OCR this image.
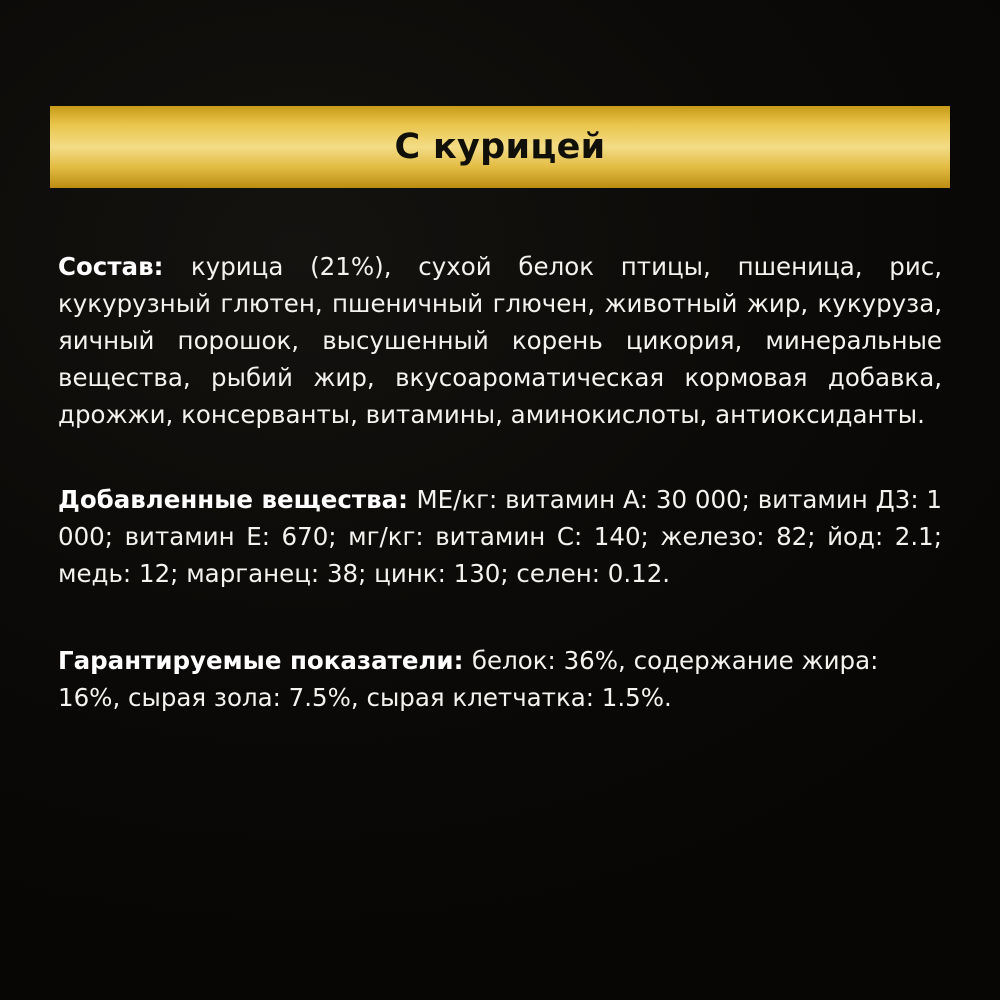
С курицей

Состав: курица (21%), сухой белок птицы, пшеница, рис, кукурузный глютен, пшеничный глючен, животный жир, кукуруза, яичный порошок, высушенный корень цикория, минеральные вещества, рыбий жир, вкусоароматическая кормовая добавка, дрожжи, консерванты, витамины, аминокислоты, антиоксиданты.

Добавленные вещества: МЕ/кг: витамин А: 30 000; витамин Д3: 1 000; витамин Е: 670; мг/кг: витамин С: 140; железо: 82; йод: 2.1; медь: 12; марганец: 38; цинк: 130; селен: 0.12.

Гарантируемые показатели: белок: 36%, содержание жира: 16%, сырая зола: 7.5%, сырая клетчатка: 1.5%.
